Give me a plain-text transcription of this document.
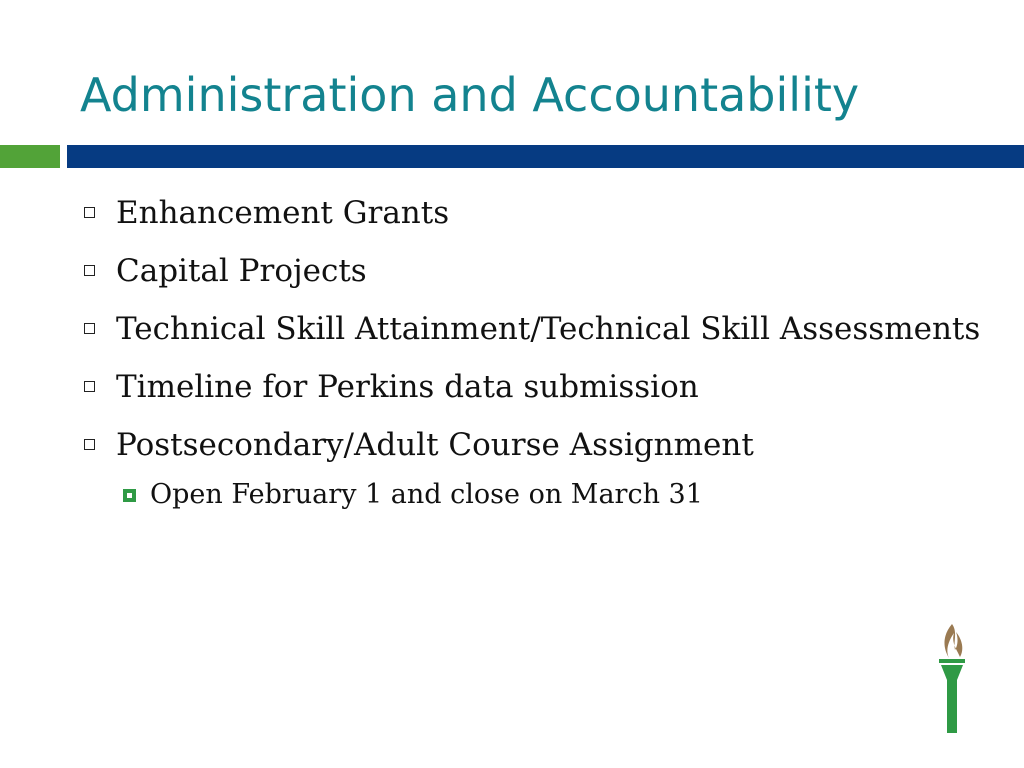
Administration and Accountability
Enhancement Grants
Capital Projects
Technical Skill Attainment/Technical Skill Assessments
Timeline for Perkins data submission
Postsecondary/Adult Course Assignment
Open February 1 and close on March 31
